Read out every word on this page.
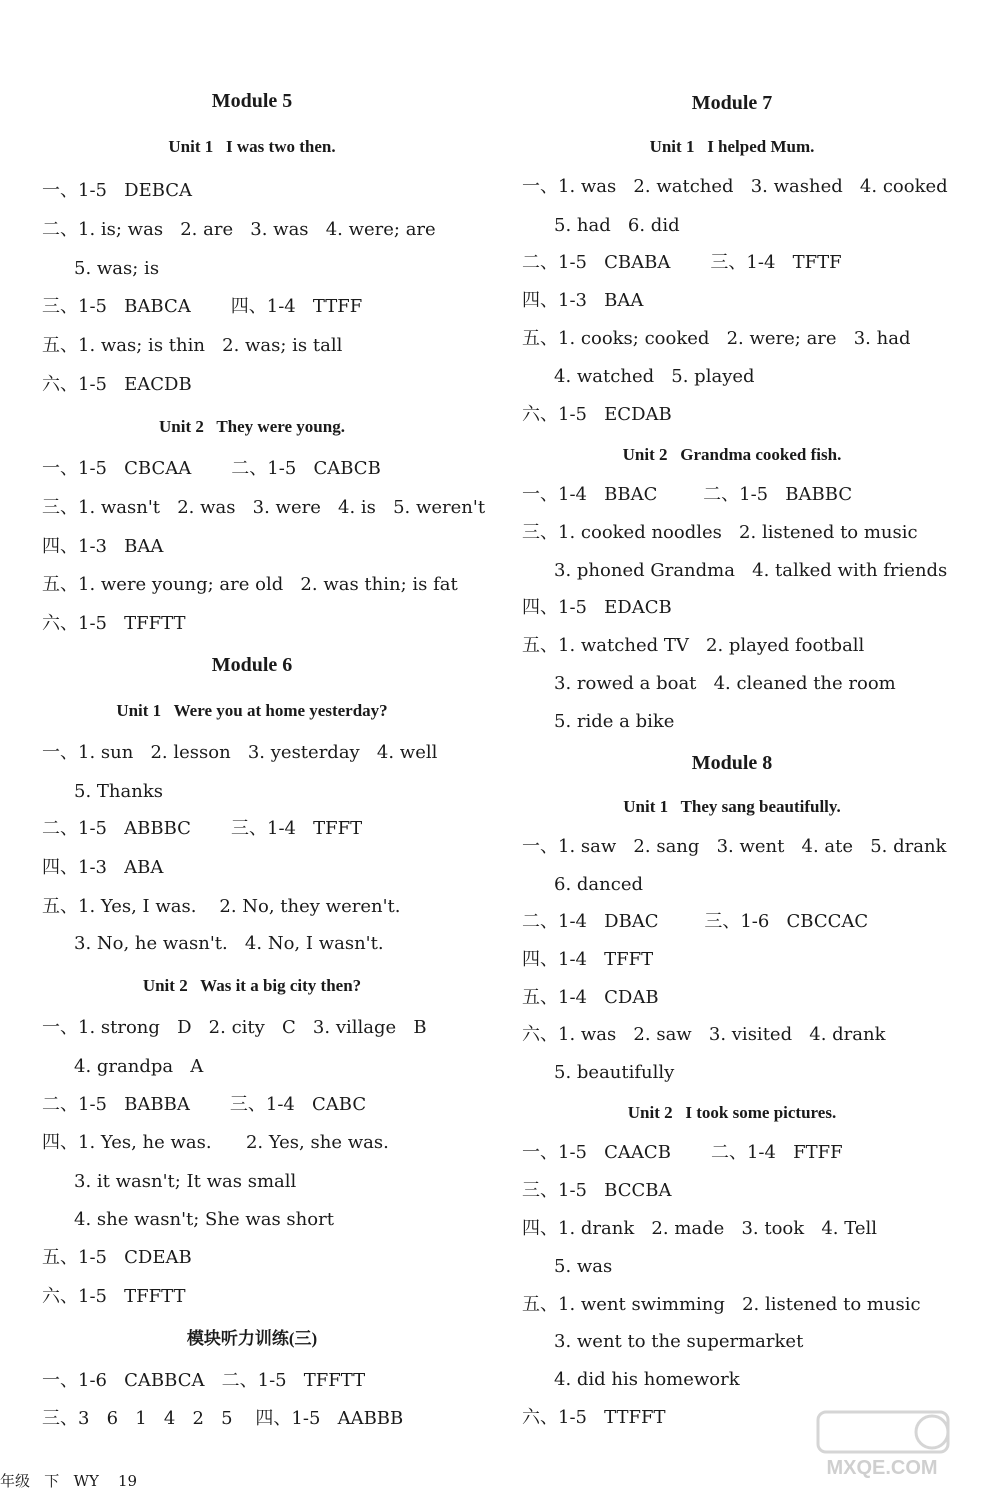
Module 5
Unit 1   I was two then.
一、1-5   DEBCA
二、1. is; was   2. are   3. was   4. were; are
5. was; is
三、1-5   BABCA       四、1-4   TTFF
五、1. was; is thin   2. was; is tall
六、1-5   EACDB
Unit 2   They were young.
一、1-5   CBCAA       二、1-5   CABCB
三、1. wasn't   2. was   3. were   4. is   5. weren't
四、1-3   BAA
五、1. were young; are old   2. was thin; is fat
六、1-5   TFFTT
Module 6
Unit 1   Were you at home yesterday?
一、1. sun   2. lesson   3. yesterday   4. well
5. Thanks
二、1-5   ABBBC       三、1-4   TFFT
四、1-3   ABA
五、1. Yes, I was.    2. No, they weren't.
3. No, he wasn't.   4. No, I wasn't.
Unit 2   Was it a big city then?
一、1. strong   D   2. city   C   3. village   B
4. grandpa   A
二、1-5   BABBA       三、1-4   CABC
四、1. Yes, he was.      2. Yes, she was.
3. it wasn't; It was small
4. she wasn't; She was short
五、1-5   CDEAB
六、1-5   TFFTT
模块听力训练(三)
一、1-6   CABBCA   二、1-5   TFFTT
三、3   6   1   4   2   5    四、1-5   AABBB
年级   下   WY    19
Module 7
Unit 1   I helped Mum.
一、1. was   2. watched   3. washed   4. cooked
5. had   6. did
二、1-5   CBABA       三、1-4   TFTF
四、1-3   BAA
五、1. cooks; cooked   2. were; are   3. had
4. watched   5. played
六、1-5   ECDAB
Unit 2   Grandma cooked fish.
一、1-4   BBAC        二、1-5   BABBC
三、1. cooked noodles   2. listened to music
3. phoned Grandma   4. talked with friends
四、1-5   EDACB
五、1. watched TV   2. played football
3. rowed a boat   4. cleaned the room
5. ride a bike
Module 8
Unit 1   They sang beautifully.
一、1. saw   2. sang   3. went   4. ate   5. drank
6. danced
二、1-4   DBAC        三、1-6   CBCCAC
四、1-4   TFFT
五、1-4   CDAB
六、1. was   2. saw   3. visited   4. drank
5. beautifully
Unit 2   I took some pictures.
一、1-5   CAACB       二、1-4   FTFF
三、1-5   BCCBA
四、1. drank   2. made   3. took   4. Tell
5. was
五、1. went swimming   2. listened to music
3. went to the supermarket
4. did his homework
六、1-5   TTFFT
MXQE.COM
